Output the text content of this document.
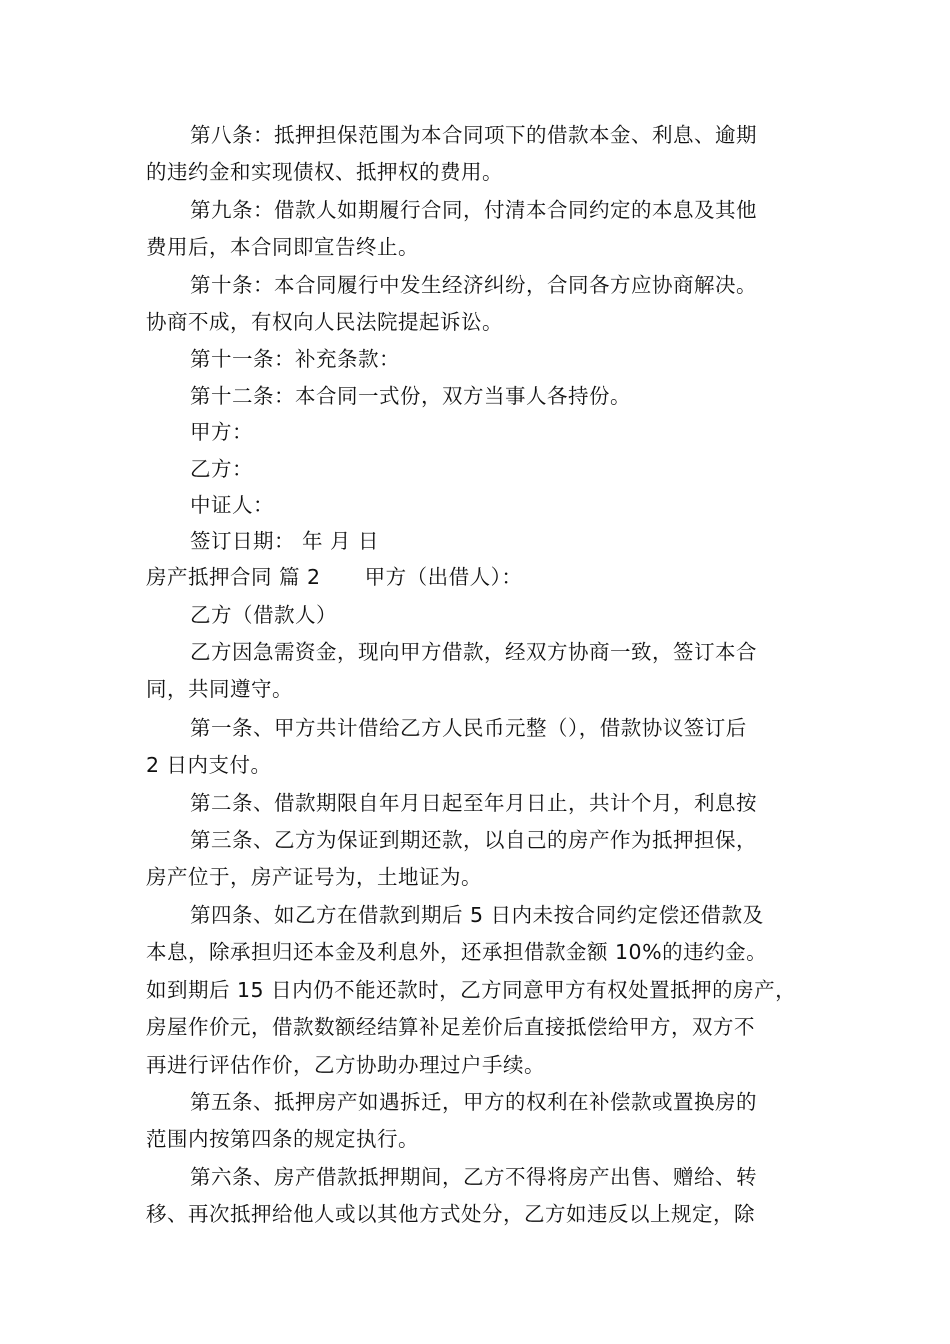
第八条：抵押担保范围为本合同项下的借款本金、利息、逾期
的违约金和实现债权、抵押权的费用。
第九条：借款人如期履行合同，付清本合同约定的本息及其他
费用后，本合同即宣告终止。
第十条：本合同履行中发生经济纠纷，合同各方应协商解决。
协商不成，有权向人民法院提起诉讼。
第十一条：补充条款：
第十二条：本合同一式份，双方当事人各持份。
甲方：
乙方：
中证人：
签订日期： 年 月 日
房产抵押合同 篇 2 甲方（出借人）：
乙方（借款人）
乙方因急需资金，现向甲方借款，经双方协商一致，签订本合
同，共同遵守。
第一条、甲方共计借给乙方人民币元整（），借款协议签订后
2 日内支付。
第二条、借款期限自年月日起至年月日止，共计个月，利息按
第三条、乙方为保证到期还款，以自己的房产作为抵押担保，
房产位于，房产证号为，土地证为。
第四条、如乙方在借款到期后 5 日内未按合同约定偿还借款及
本息，除承担归还本金及利息外，还承担借款金额 10%的违约金。
如到期后 15 日内仍不能还款时，乙方同意甲方有权处置抵押的房产，
房屋作价元，借款数额经结算补足差价后直接抵偿给甲方，双方不
再进行评估作价，乙方协助办理过户手续。
第五条、抵押房产如遇拆迁，甲方的权利在补偿款或置换房的
范围内按第四条的规定执行。
第六条、房产借款抵押期间，乙方不得将房产出售、赠给、转
移、再次抵押给他人或以其他方式处分，乙方如违反以上规定，除
